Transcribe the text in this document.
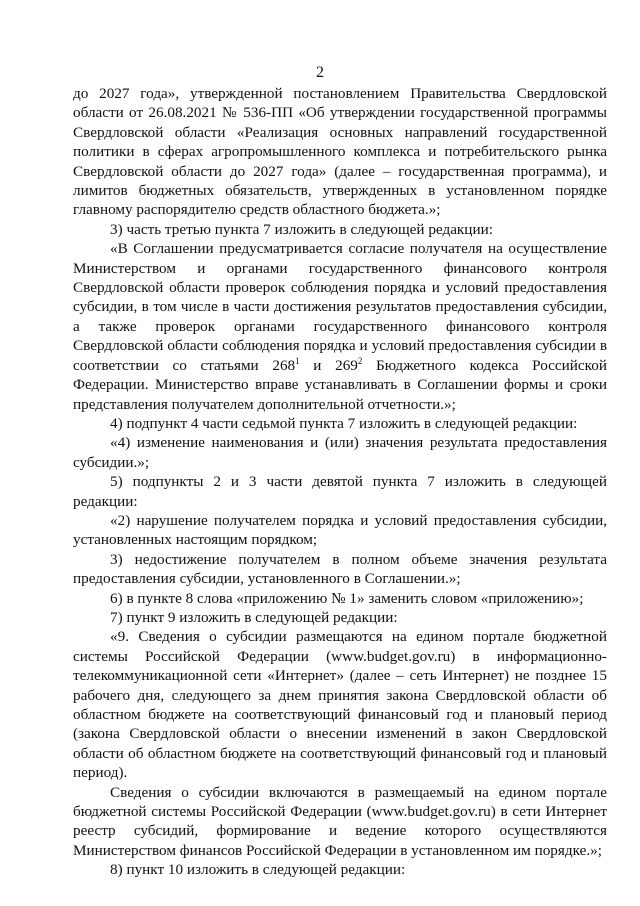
2

до 2027 года», утвержденной постановлением Правительства Свердловской области от 26.08.2021 № 536-ПП «Об утверждении государственной программы Свердловской области «Реализация основных направлений государственной политики в сферах агропромышленного комплекса и потребительского рынка Свердловской области до 2027 года» (далее – государственная программа), и лимитов бюджетных обязательств, утвержденных в установленном порядке главному распорядителю средств областного бюджета.»;

3) часть третью пункта 7 изложить в следующей редакции:

«В Соглашении предусматривается согласие получателя на осуществление Министерством и органами государственного финансового контроля Свердловской области проверок соблюдения порядка и условий предоставления субсидии, в том числе в части достижения результатов предоставления субсидии, а также проверок органами государственного финансового контроля Свердловской области соблюдения порядка и условий предоставления субсидии в соответствии со статьями $268^1$ и $269^2$ Бюджетного кодекса Российской Федерации. Министерство вправе устанавливать в Соглашении формы и сроки представления получателем дополнительной отчетности.»;

4) подпункт 4 части седьмой пункта 7 изложить в следующей редакции:

«4) изменение наименования и (или) значения результата предоставления субсидии.»;

5) подпункты 2 и 3 части девятой пункта 7 изложить в следующей редакции:

«2) нарушение получателем порядка и условий предоставления субсидии, установленных настоящим порядком;

3) недостижение получателем в полном объеме значения результата предоставления субсидии, установленного в Соглашении.»;

6) в пункте 8 слова «приложению № 1» заменить словом «приложению»;

7) пункт 9 изложить в следующей редакции:

«9. Сведения о субсидии размещаются на едином портале бюджетной системы Российской Федерации (www.budget.gov.ru) в информационно-телекоммуникационной сети «Интернет» (далее – сеть Интернет) не позднее 15 рабочего дня, следующего за днем принятия закона Свердловской области об областном бюджете на соответствующий финансовый год и плановый период (закона Свердловской области о внесении изменений в закон Свердловской области об областном бюджете на соответствующий финансовый год и плановый период).

Сведения о субсидии включаются в размещаемый на едином портале бюджетной системы Российской Федерации (www.budget.gov.ru) в сети Интернет реестр субсидий, формирование и ведение которого осуществляются Министерством финансов Российской Федерации в установленном им порядке.»;

8) пункт 10 изложить в следующей редакции:
